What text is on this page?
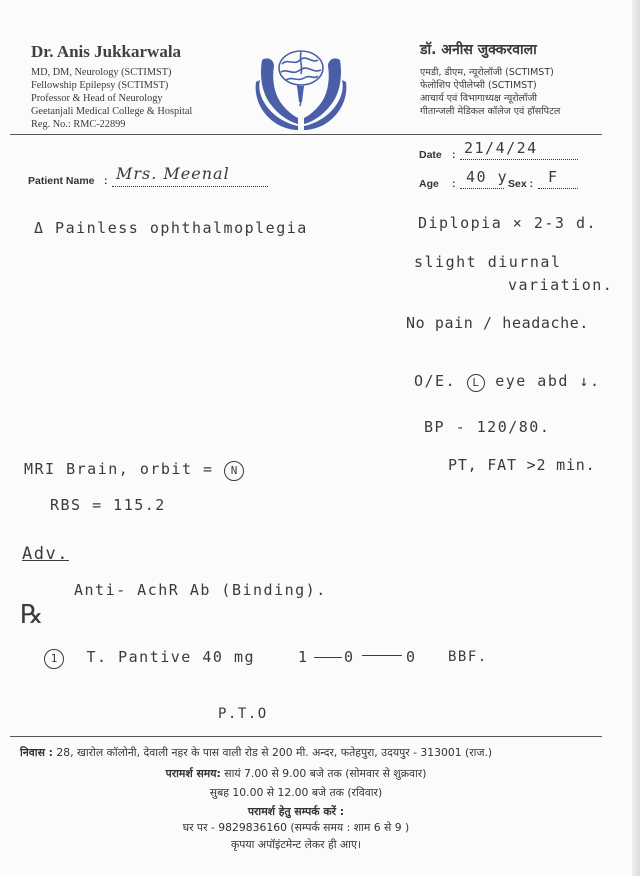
Dr. Anis Jukkarwala
MD, DM, Neurology (SCTIMST)
Fellowship Epilepsy (SCTIMST)
Professor & Head of Neurology
Geetanjali Medical College & Hospital
Reg. No.: RMC-22899
डॉ. अनीस जुक्करवाला
एमडी, डीएम, न्यूरोलॉजी (SCTIMST)
फेलोशिप ऐपीलेप्सी (SCTIMST)
आचार्य एवं विभागाध्यक्ष न्यूरोलॉजी
गीतान्जली मेडिकल कॉलेज एवं हॉसपिटल
Patient Name : Mrs. Meenal
Date : 21/4/24
Age : 40 y Sex : F
Δ Painless ophthalmoplegia	Diplopia × 2-3 d.
slight diurnal
variation.
No pain / headache.
O/E. L eye abd ↓.
BP - 120/80.
PT, FAT >2 min.
MRI Brain, orbit = N
RBS = 115.2
Adv.
Anti- AchR Ab (Binding).
℞
1 T. Pantive 40 mg	1 0	0 BBF.
P.T.O
निवास : 28, खारोल कॉलोनी, देवाली नहर के पास वाली रोड से 200 मी. अन्दर, फतेहपुरा, उदयपुर - 313001 (राज.)
परामर्श समय: सायं 7.00 से 9.00 बजे तक (सोमवार से शुक्रवार)
सुबह 10.00 से 12.00 बजे तक (रविवार)
परामर्श हेतु सम्पर्क करें :
घर पर - 9829836160 (सम्पर्क समय : शाम 6 से 9 )
कृपया अपॉइंटमेन्ट लेकर ही आए।
